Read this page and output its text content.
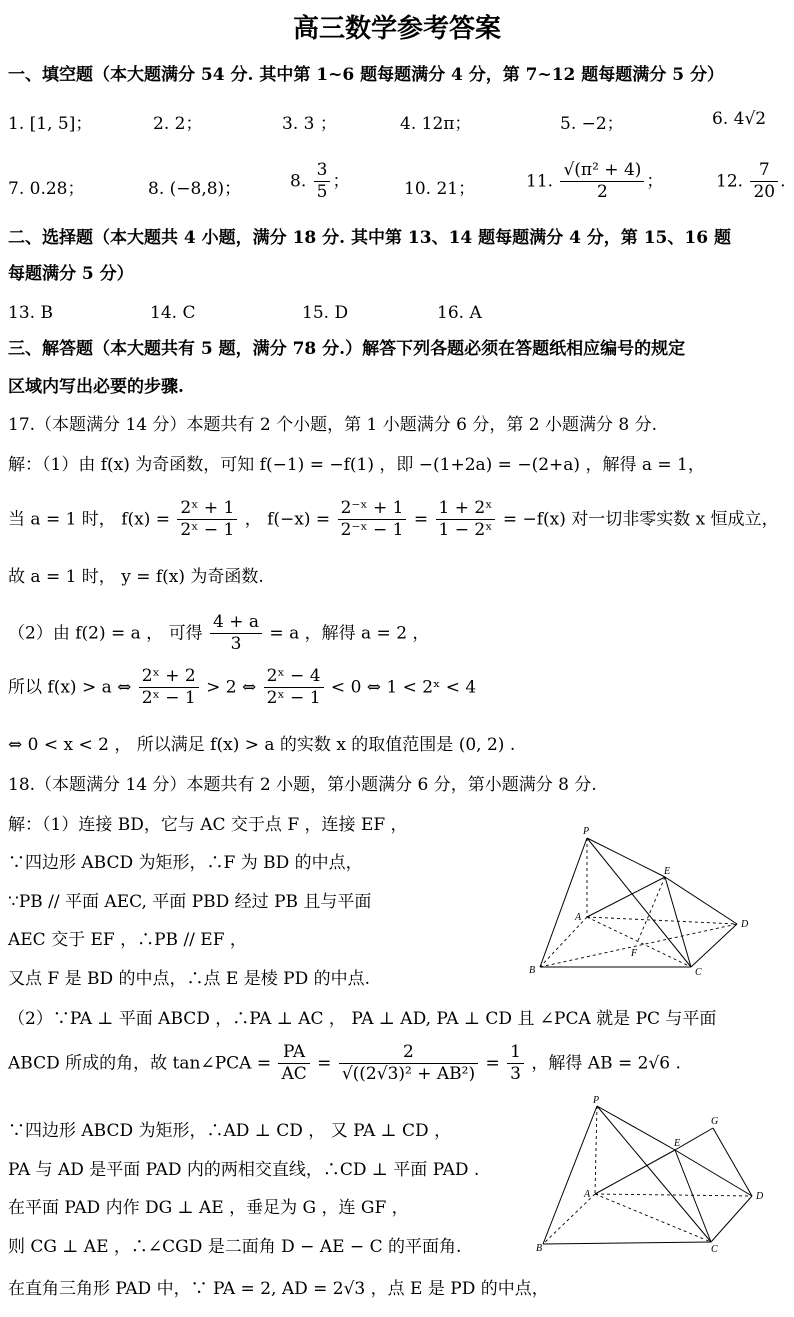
高三数学参考答案
一、填空题（本大题满分 54 分. 其中第 1~6 题每题满分 4 分，第 7~12 题每题满分 5 分）
1. [1, 5]；	2. 2；	3. 3 ；	4. 12π；	5. −2；	6. 4√2
7. 0.28；	8. (−8,8)；	8. $\frac{3}{5}$ ；	10. 21；	11. $\frac{\text{√(π² + 4)}}{2}$ ；	12. $\frac{7}{20}$ .
二、选择题（本大题共 4 小题，满分 18 分. 其中第 13、14 题每题满分 4 分，第 15、16 题
每题满分 5 分）
13. B	14. C	15. D	16. A
三、解答题（本大题共有 5 题，满分 78 分.）解答下列各题必须在答题纸相应编号的规定
区域内写出必要的步骤.
17.（本题满分 14 分）本题共有 2 个小题，第 1 小题满分 6 分，第 2 小题满分 8 分.
解：（1）由 f(x) 为奇函数，可知 f(−1) = −f(1) ，即 −(1+2a) = −(2+a) ，解得 a = 1，
当 a = 1 时， $f(x) = \frac{\text{2ˣ + 1}}{\text{2ˣ − 1}}$ ， $f(-x) = \frac{\text{2⁻ˣ + 1}}{\text{2⁻ˣ − 1}} = \frac{\text{1 + 2ˣ}}{\text{1 − 2ˣ}} = -f(x)$ 对一切非零实数 x 恒成立，
故 a = 1 时， y = f(x) 为奇函数.
（2）由 f(2) = a ， 可得 $\frac{4 + a}{3} = a$ ，解得 a = 2 ，
所以 f(x) > a ⇔ $\frac{\text{2ˣ + 2}}{\text{2ˣ − 1}} > 2$ ⇔ $\frac{\text{2ˣ − 4}}{\text{2ˣ − 1}} < 0$ ⇔ 1 < 2ˣ < 4
⇔ 0 < x < 2 ， 所以满足 f(x) > a 的实数 x 的取值范围是 (0, 2) .
18.（本题满分 14 分）本题共有 2 小题，第小题满分 6 分，第小题满分 8 分.
解：（1）连接 BD，它与 AC 交于点 F ，连接 EF ，
∵四边形 ABCD 为矩形，∴F 为 BD 的中点，
∵PB // 平面 AEC, 平面 PBD 经过 PB 且与平面
AEC 交于 EF ，∴PB // EF ，
又点 F 是 BD 的中点，∴点 E 是棱 PD 的中点.
（2）∵PA ⊥ 平面 ABCD ，∴PA ⊥ AC ， PA ⊥ AD, PA ⊥ CD 且 ∠PCA 就是 PC 与平面
ABCD 所成的角，故 tan∠PCA = $\frac{PA}{AC} = \frac{2}{\text{√((2√3)² + AB²)}} = \frac{1}{3}$ ，解得 AB = 2√6 .
∵四边形 ABCD 为矩形，∴AD ⊥ CD ， 又 PA ⊥ CD ，
PA 与 AD 是平面 PAD 内的两相交直线，∴CD ⊥ 平面 PAD .
在平面 PAD 内作 DG ⊥ AE ，垂足为 G ，连 GF ，
则 CG ⊥ AE ，∴∠CGD 是二面角 D − AE − C 的平面角.
在直角三角形 PAD 中，∵ PA = 2, AD = 2√3 ，点 E 是 PD 的中点，
P
E
A
D
F
B	C
P
E
G
A	D
B	C
